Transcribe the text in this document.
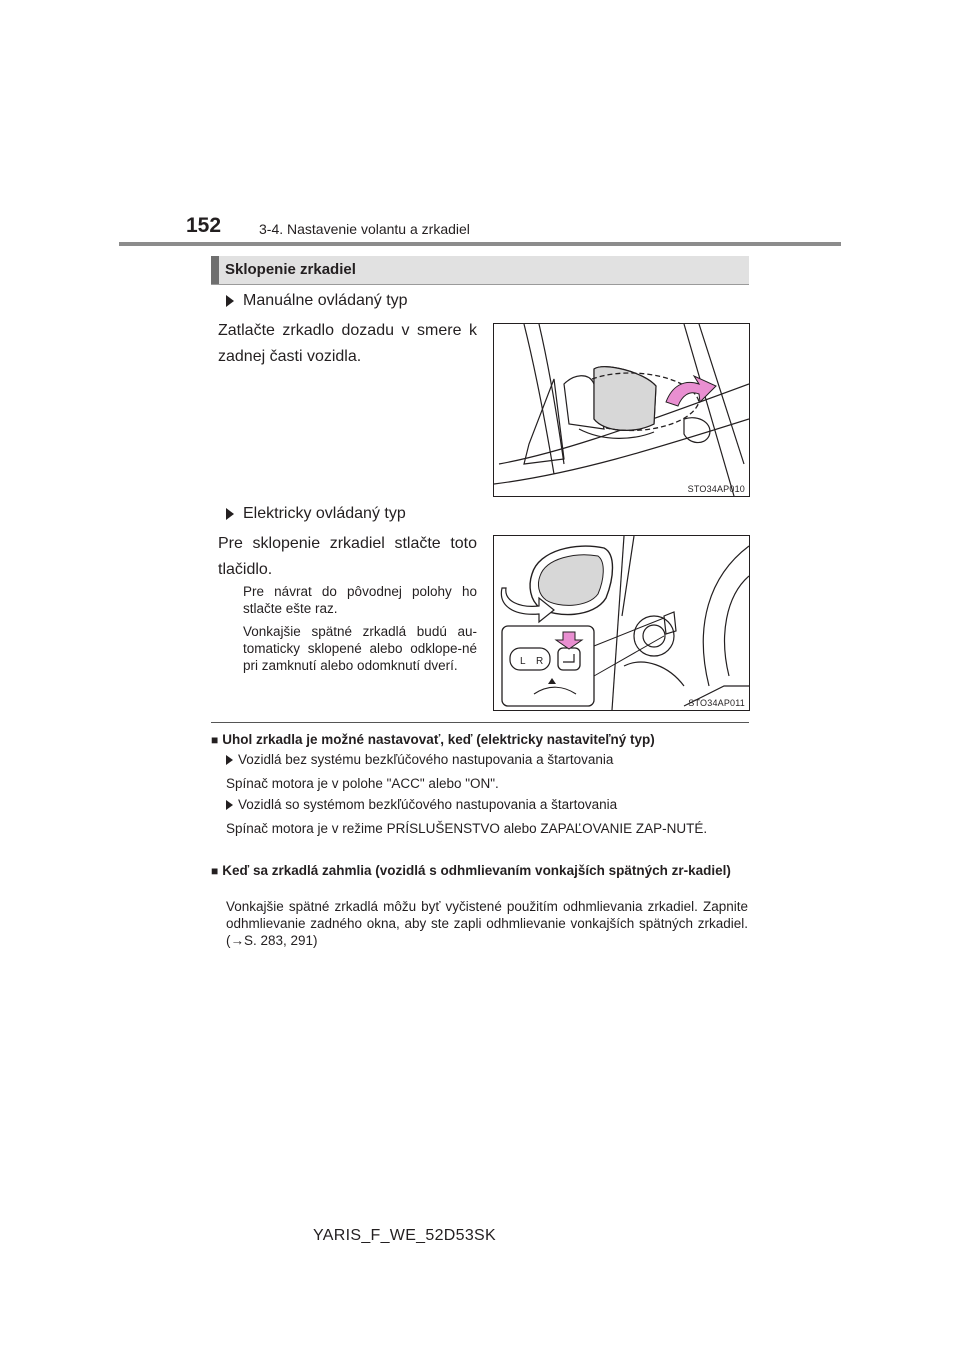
152	3-4. Nastavenie volantu a zrkadiel
Sklopenie zrkadiel
Manuálne ovládaný typ
Zatlačte zrkadlo dozadu v smere k zadnej časti vozidla.
STO34AP010
Elektricky ovládaný typ
Pre sklopenie zrkadiel stlačte toto tlačidlo.
Pre návrat do pôvodnej polohy ho stlačte ešte raz.
Vonkajšie spätné zrkadlá budú au-tomaticky sklopené alebo odklope-né pri zamknutí alebo odomknutí dverí.	L R
STO34AP011
■ Uhol zrkadla je možné nastavovať, keď (elektricky nastaviteľný typ)
Vozidlá bez systému bezkľúčového nastupovania a štartovania
Spínač motora je v polohe "ACC" alebo "ON".
Vozidlá so systémom bezkľúčového nastupovania a štartovania
Spínač motora je v režime PRÍSLUŠENSTVO alebo ZAPAĽOVANIE ZAP-NUTÉ.
■ Keď sa zrkadlá zahmlia (vozidlá s odhmlievaním vonkajších spätných zr-kadiel)
Vonkajšie spätné zrkadlá môžu byť vyčistené použitím odhmlievania zrkadiel. Zapnite odhmlievanie zadného okna, aby ste zapli odhmlievanie vonkajších spätných zrkadiel. (→S. 283, 291)
YARIS_F_WE_52D53SK
